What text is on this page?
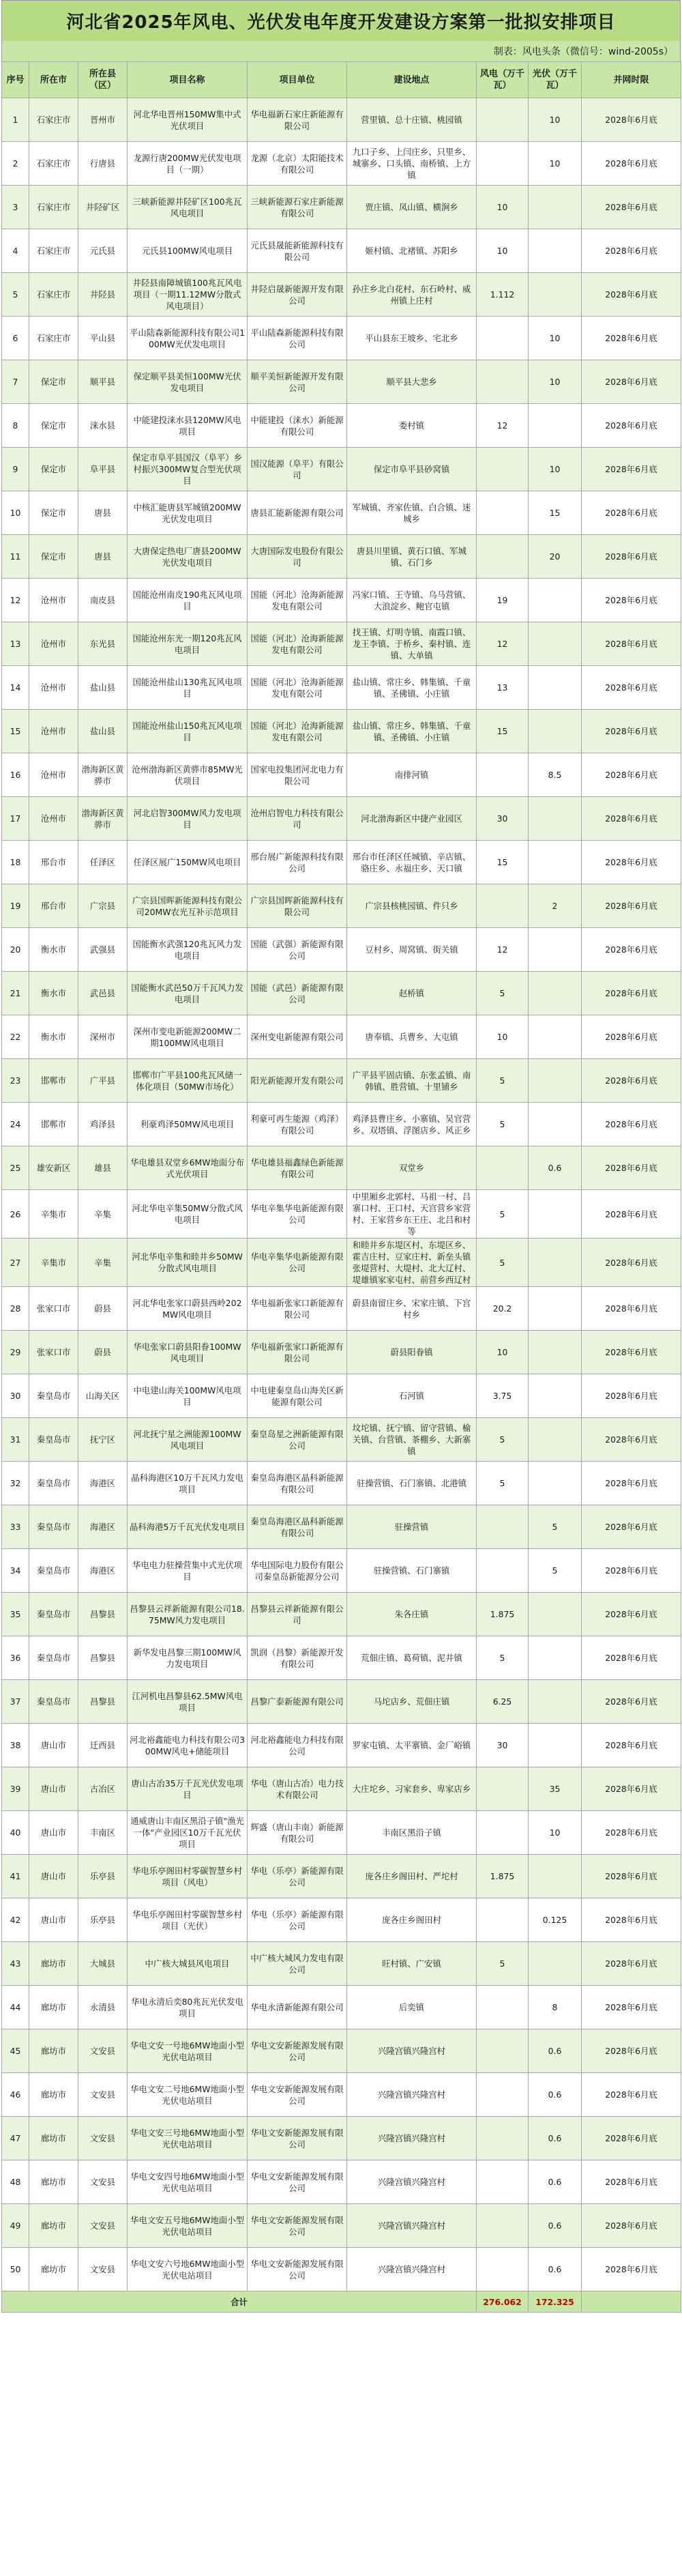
河北省2025年风电、光伏发电年度开发建设方案第一批拟安排项目
制表：风电头条（微信号：wind-2005s）
序号	所在市	所在县（区）	项目名称	项目单位	建设地点	风电（万千瓦）	光伏（万千瓦）	并网时限
1	石家庄市	晋州市	河北华电晋州150MW集中式光伏项目	华电福新石家庄新能源有限公司	营里镇、总十庄镇、桃园镇		10	2028年6月底
2	石家庄市	行唐县	龙源行唐200MW光伏发电项目（一期）	龙源（北京）太阳能技术有限公司	九口子乡、上闫庄乡、只里乡、城寨乡、口头镇、南桥镇、上方镇		10	2028年6月底
3	石家庄市	井陉矿区	三峡新能源井陉矿区100兆瓦风电项目	三峡新能源石家庄新能源有限公司	贾庄镇、凤山镇、横涧乡	10		2028年6月底
4	石家庄市	元氏县	元氏县100MW风电项目	元氏县晟能新能源科技有限公司	姬村镇、北褚镇、苏阳乡	10		2028年6月底
5	石家庄市	井陉县	井陉县南障城镇100兆瓦风电项目（一期11.12MW分散式风电项目）	井陉启晟新能源开发有限公司	孙庄乡北白花村、东石岭村、威州镇上庄村	1.112		2028年6月底
6	石家庄市	平山县	平山陆森新能源科技有限公司100MW光伏发电项目	平山陆森新能源科技有限公司	平山县东王坡乡、宅北乡		10	2028年6月底
7	保定市	顺平县	保定顺平县美恒100MW光伏发电项目	顺平美恒新能源开发有限公司	顺平县大悲乡		10	2028年6月底
8	保定市	涞水县	中能建投涞水县120MW风电项目	中能建投（涞水）新能源有限公司	娄村镇	12		2028年6月底
9	保定市	阜平县	保定市阜平县国汉（阜平）乡村振兴300MW复合型光伏项目	国汉能源（阜平）有限公司	保定市阜平县砂窝镇		10	2028年6月底
10	保定市	唐县	中核汇能唐县军城镇200MW光伏发电项目	唐县汇能新能源有限公司	军城镇、齐家佐镇、白合镇、迷城乡		15	2028年6月底
11	保定市	唐县	大唐保定热电厂唐县200MW光伏发电项目	大唐国际发电股份有限公司	唐县川里镇、黄石口镇、军城镇、石门乡		20	2028年6月底
12	沧州市	南皮县	国能沧州南皮190兆瓦风电项目	国能（河北）沧海新能源发电有限公司	冯家口镇、王寺镇、乌马营镇、大浪淀乡、鲍官屯镇	19		2028年6月底
13	沧州市	东光县	国能沧州东光一期120兆瓦风电项目	国能（河北）沧海新能源发电有限公司	找王镇、灯明寺镇、南霞口镇、龙王李镇、于桥乡、秦村镇、连镇、大单镇	12		2028年6月底
14	沧州市	盐山县	国能沧州盐山130兆瓦风电项目	国能（河北）沧海新能源发电有限公司	盐山镇、常庄乡、韩集镇、千童镇、圣佛镇、小庄镇	13		2028年6月底
15	沧州市	盐山县	国能沧州盐山150兆瓦风电项目	国能（河北）沧海新能源发电有限公司	盐山镇、常庄乡、韩集镇、千童镇、圣佛镇、小庄镇	15		2028年6月底
16	沧州市	渤海新区黄骅市	沧州渤海新区黄骅市85MW光伏项目	国家电投集团河北电力有限公司	南排河镇		8.5	2028年6月底
17	沧州市	渤海新区黄骅市	河北启智300MW风力发电项目	沧州启智电力科技有限公司	河北渤海新区中捷产业园区	30		2028年6月底
18	邢台市	任泽区	任泽区展广150MW风电项目	邢台展广新能源科技有限公司	邢台市任泽区任城镇、辛店镇、骆庄乡、永福庄乡、天口镇	15		2028年6月底
19	邢台市	广宗县	广宗县国晖新能源科技有限公司20MW农光互补示范项目	广宗县国晖新能源科技有限公司	广宗县核桃园镇、件只乡		2	2028年6月底
20	衡水市	武强县	国能衡水武强120兆瓦风力发电项目	国能（武强）新能源有限公司	豆村乡、周窝镇、街关镇	12		2028年6月底
21	衡水市	武邑县	国能衡水武邑50万千瓦风力发电项目	国能（武邑）新能源有限公司	赵桥镇	5		2028年6月底
22	衡水市	深州市	深州市变电新能源200MW二期100MW风电项目	深州变电新能源有限公司	唐奉镇、兵曹乡、大屯镇	10		2028年6月底
23	邯郸市	广平县	邯郸市广平县100兆瓦风储一体化项目（50MW市场化）	阳光新能源开发有限公司	广平县平固店镇、东张孟镇、南韩镇、胜营镇、十里铺乡	5		2028年6月底
24	邯郸市	鸡泽县	利豪鸡泽50MW风电项目	利豪可再生能源（鸡泽）有限公司	鸡泽县曹庄乡、小寨镇、吴官营乡、双塔镇、浮图店乡、风正乡	5		2028年6月底
25	雄安新区	雄县	华电雄县双堂乡6MW地面分布式光伏项目	华电雄县福鑫绿色新能源有限公司	双堂乡		0.6	2028年6月底
26	辛集市	辛集	河北华电辛集50MW分散式风电项目	华电辛集华电新能源有限公司	中里厢乡北郭村、马祖一村、吕寨口村、王口村、天宫营乡家营村、王家营乡东王庄、北吕和村等	5		2028年6月底
27	辛集市	辛集	河北华电辛集和睦井乡50MW分散式风电项目	华电辛集华电新能源有限公司	和睦井乡东堤区村、东堤区乡、霍吉庄村、豆家庄村、新垒头镇张堤营村、大堤村、北大辽村、堤雄镇家家屯村、前营乡西辽村	5		2028年6月底
28	张家口市	蔚县	河北华电张家口蔚县西岭202MW风电项目	华电福新张家口新能源有限公司	蔚县南留庄乡、宋家庄镇、下宫村乡	20.2		2028年6月底
29	张家口市	蔚县	华电张家口蔚县阳眷100MW风电项目	华电福新张家口新能源有限公司	蔚县阳眷镇	10		2028年6月底
30	秦皇岛市	山海关区	中电建山海关100MW风电项目	中电建秦皇岛山海关区新能源有限公司	石河镇	3.75		2028年6月底
31	秦皇岛市	抚宁区	河北抚宁星之洲能源100MW风电项目	秦皇岛星之洲新能源有限公司	坟坨镇、抚宁镇、留守营镇、榆关镇、台营镇、茶棚乡、大新寨镇	5		2028年6月底
32	秦皇岛市	海港区	晶科海港区10万千瓦风力发电项目	秦皇岛海港区晶科新能源有限公司	驻操营镇、石门寨镇、北港镇	5		2028年6月底
33	秦皇岛市	海港区	晶科海港5万千瓦光伏发电项目	秦皇岛海港区晶科新能源有限公司	驻操营镇		5	2028年6月底
34	秦皇岛市	海港区	华电电力驻操营集中式光伏项目	华电国际电力股份有限公司秦皇岛新能源分公司	驻操营镇、石门寨镇		5	2028年6月底
35	秦皇岛市	昌黎县	昌黎县云祥新能源有限公司18.75MW风力发电项目	昌黎县云祥新能源有限公司	朱各庄镇	1.875		2028年6月底
36	秦皇岛市	昌黎县	新华发电昌黎三期100MW风力发电项目	凯润（昌黎）新能源开发有限公司	荒佃庄镇、葛荷镇、泥井镇	5		2028年6月底
37	秦皇岛市	昌黎县	江河机电昌黎县62.5MW风电项目	昌黎广泰新能源有限公司	马坨店乡、荒佃庄镇	6.25		2028年6月底
38	唐山市	迁西县	河北裕鑫能电力科技有限公司300MW风电+储能项目	河北裕鑫能电力科技有限公司	罗家屯镇、太平寨镇、金厂峪镇	30		2028年6月底
39	唐山市	古冶区	唐山古冶35万千瓦光伏发电项目	华电（唐山古冶）电力技术有限公司	大庄坨乡、习家套乡、卑家店乡		35	2028年6月底
40	唐山市	丰南区	通威唐山丰南区黑沿子镇"渔光一体"产业园区10万千瓦光伏项目	辉盛（唐山丰南）新能源有限公司	丰南区黑沿子镇		10	2028年6月底
41	唐山市	乐亭县	华电乐亭阁田村零碳智慧乡村项目（风电）	华电（乐亭）新能源有限公司	庞各庄乡阁田村、严坨村	1.875		2028年6月底
42	唐山市	乐亭县	华电乐亭阁田村零碳智慧乡村项目（光伏）	华电（乐亭）新能源有限公司	庞各庄乡阁田村		0.125	2028年6月底
43	廊坊市	大城县	中广核大城县风电项目	中广核大城风力发电有限公司	旺村镇、广安镇	5		2028年6月底
44	廊坊市	永清县	华电永清后奕80兆瓦光伏发电项目	华电永清新能源有限公司	后奕镇		8	2028年6月底
45	廊坊市	文安县	华电文安一号地6MW地面小型光伏电站项目	华电文安新能源发展有限公司	兴隆宫镇兴隆宫村		0.6	2028年6月底
46	廊坊市	文安县	华电文安二号地6MW地面小型光伏电站项目	华电文安新能源发展有限公司	兴隆宫镇兴隆宫村		0.6	2028年6月底
47	廊坊市	文安县	华电文安三号地6MW地面小型光伏电站项目	华电文安新能源发展有限公司	兴隆宫镇兴隆宫村		0.6	2028年6月底
48	廊坊市	文安县	华电文安四号地6MW地面小型光伏电站项目	华电文安新能源发展有限公司	兴隆宫镇兴隆宫村		0.6	2028年6月底
49	廊坊市	文安县	华电文安五号地6MW地面小型光伏电站项目	华电文安新能源发展有限公司	兴隆宫镇兴隆宫村		0.6	2028年6月底
50	廊坊市	文安县	华电文安六号地6MW地面小型光伏电站项目	华电文安新能源发展有限公司	兴隆宫镇兴隆宫村		0.6	2028年6月底
合计						276.062	172.325	
